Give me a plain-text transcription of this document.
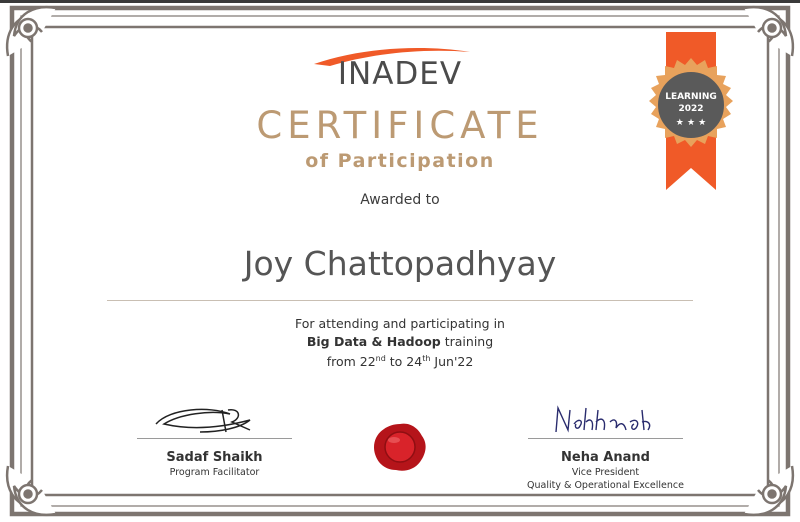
INADEV
CERTIFICATE
of Participation
Awarded to
Joy Chattopadhyay
For attending and participating in
Big Data & Hadoop training
from 22nd to 24th Jun'22
LEARNING
2022
★ ★ ★
Sadaf Shaikh
Program Facilitator
Neha Anand
Vice President
Quality & Operational Excellence
